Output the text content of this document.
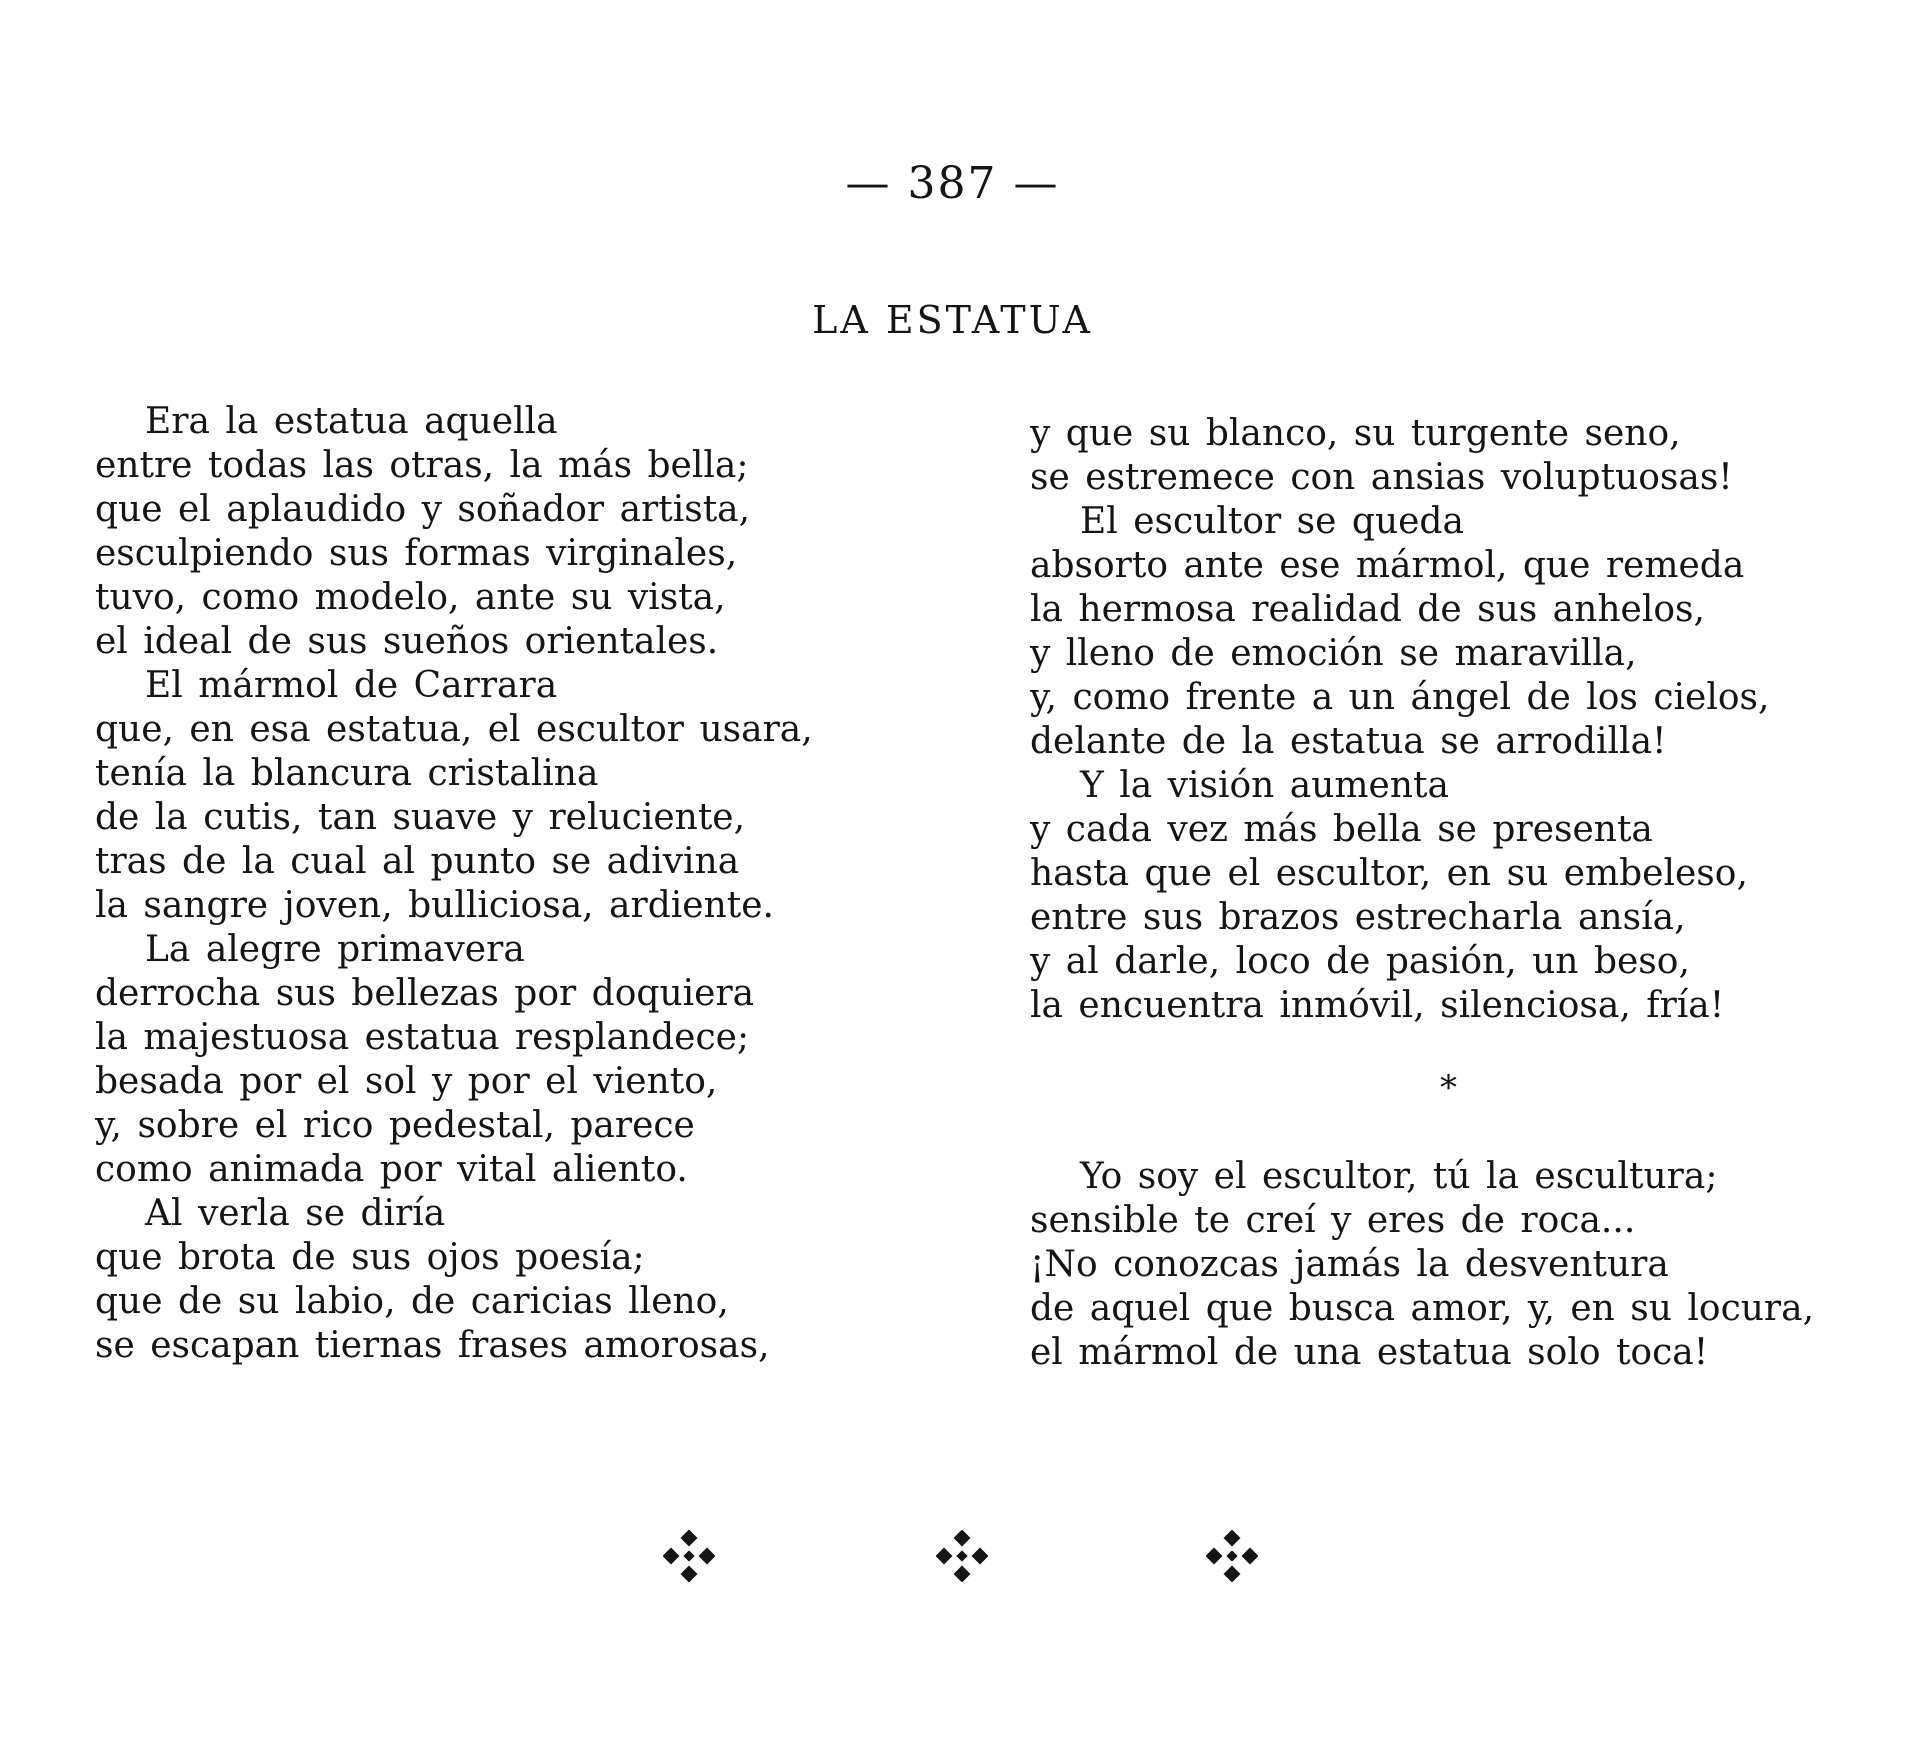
— 387 —
LA ESTATUA
Era la estatua aquella
entre todas las otras, la más bella;
que el aplaudido y soñador artista,
esculpiendo sus formas virginales,
tuvo, como modelo, ante su vista,
el ideal de sus sueños orientales.
El mármol de Carrara
que, en esa estatua, el escultor usara,
tenía la blancura cristalina
de la cutis, tan suave y reluciente,
tras de la cual al punto se adivina
la sangre joven, bulliciosa, ardiente.
La alegre primavera
derrocha sus bellezas por doquiera
la majestuosa estatua resplandece;
besada por el sol y por el viento,
y, sobre el rico pedestal, parece
como animada por vital aliento.
Al verla se diría
que brota de sus ojos poesía;
que de su labio, de caricias lleno,
se escapan tiernas frases amorosas,
y que su blanco, su turgente seno,
se estremece con ansias voluptuosas!
El escultor se queda
absorto ante ese mármol, que remeda
la hermosa realidad de sus anhelos,
y lleno de emoción se maravilla,
y, como frente a un ángel de los cielos,
delante de la estatua se arrodilla!
Y la visión aumenta
y cada vez más bella se presenta
hasta que el escultor, en su embeleso,
entre sus brazos estrecharla ansía,
y al darle, loco de pasión, un beso,
la encuentra inmóvil, silenciosa, fría!
*
Yo soy el escultor, tú la escultura;
sensible te creí y eres de roca...
¡No conozcas jamás la desventura
de aquel que busca amor, y, en su locura,
el mármol de una estatua solo toca!
